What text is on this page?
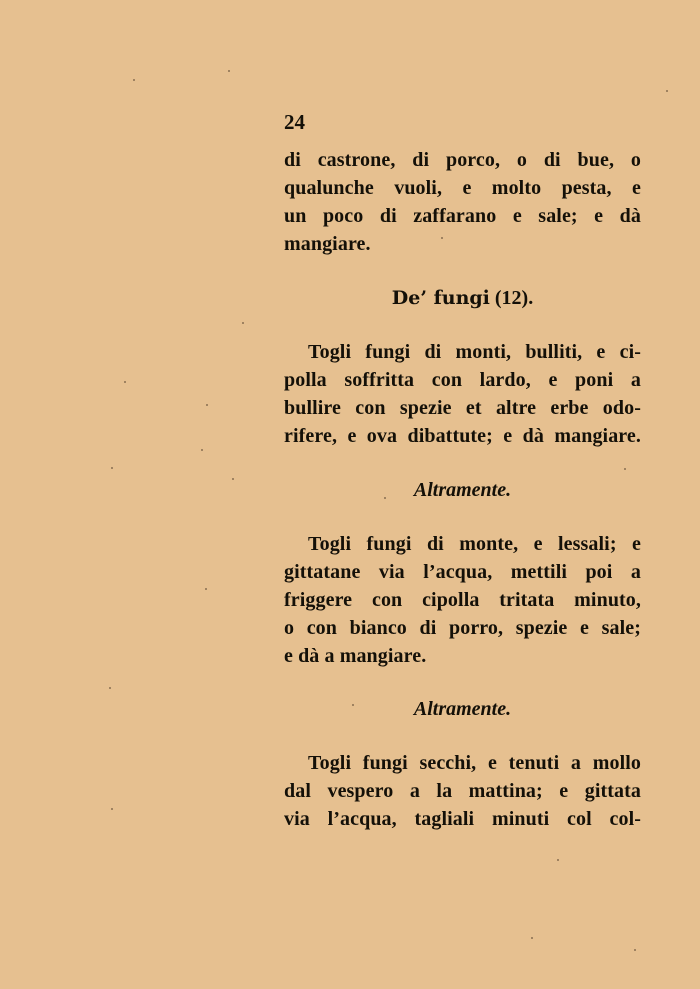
24
di castrone, di porco, o di bue, o
qualunche vuoli, e molto pesta, e
un poco di zaffarano e sale; e dà
mangiare.
De’ fungi (12).
Togli fungi di monti, bulliti, e ci-
polla soffritta con lardo, e poni a
bullire con spezie et altre erbe odo-
rifere, e ova dibattute; e dà mangiare.
Altramente.
Togli fungi di monte, e lessali; e
gittatane via l’acqua, mettili poi a
friggere con cipolla tritata minuto,
o con bianco di porro, spezie e sale;
e dà a mangiare.
Altramente.
Togli fungi secchi, e tenuti a mollo
dal vespero a la mattina; e gittata
via l’acqua, tagliali minuti col col-
